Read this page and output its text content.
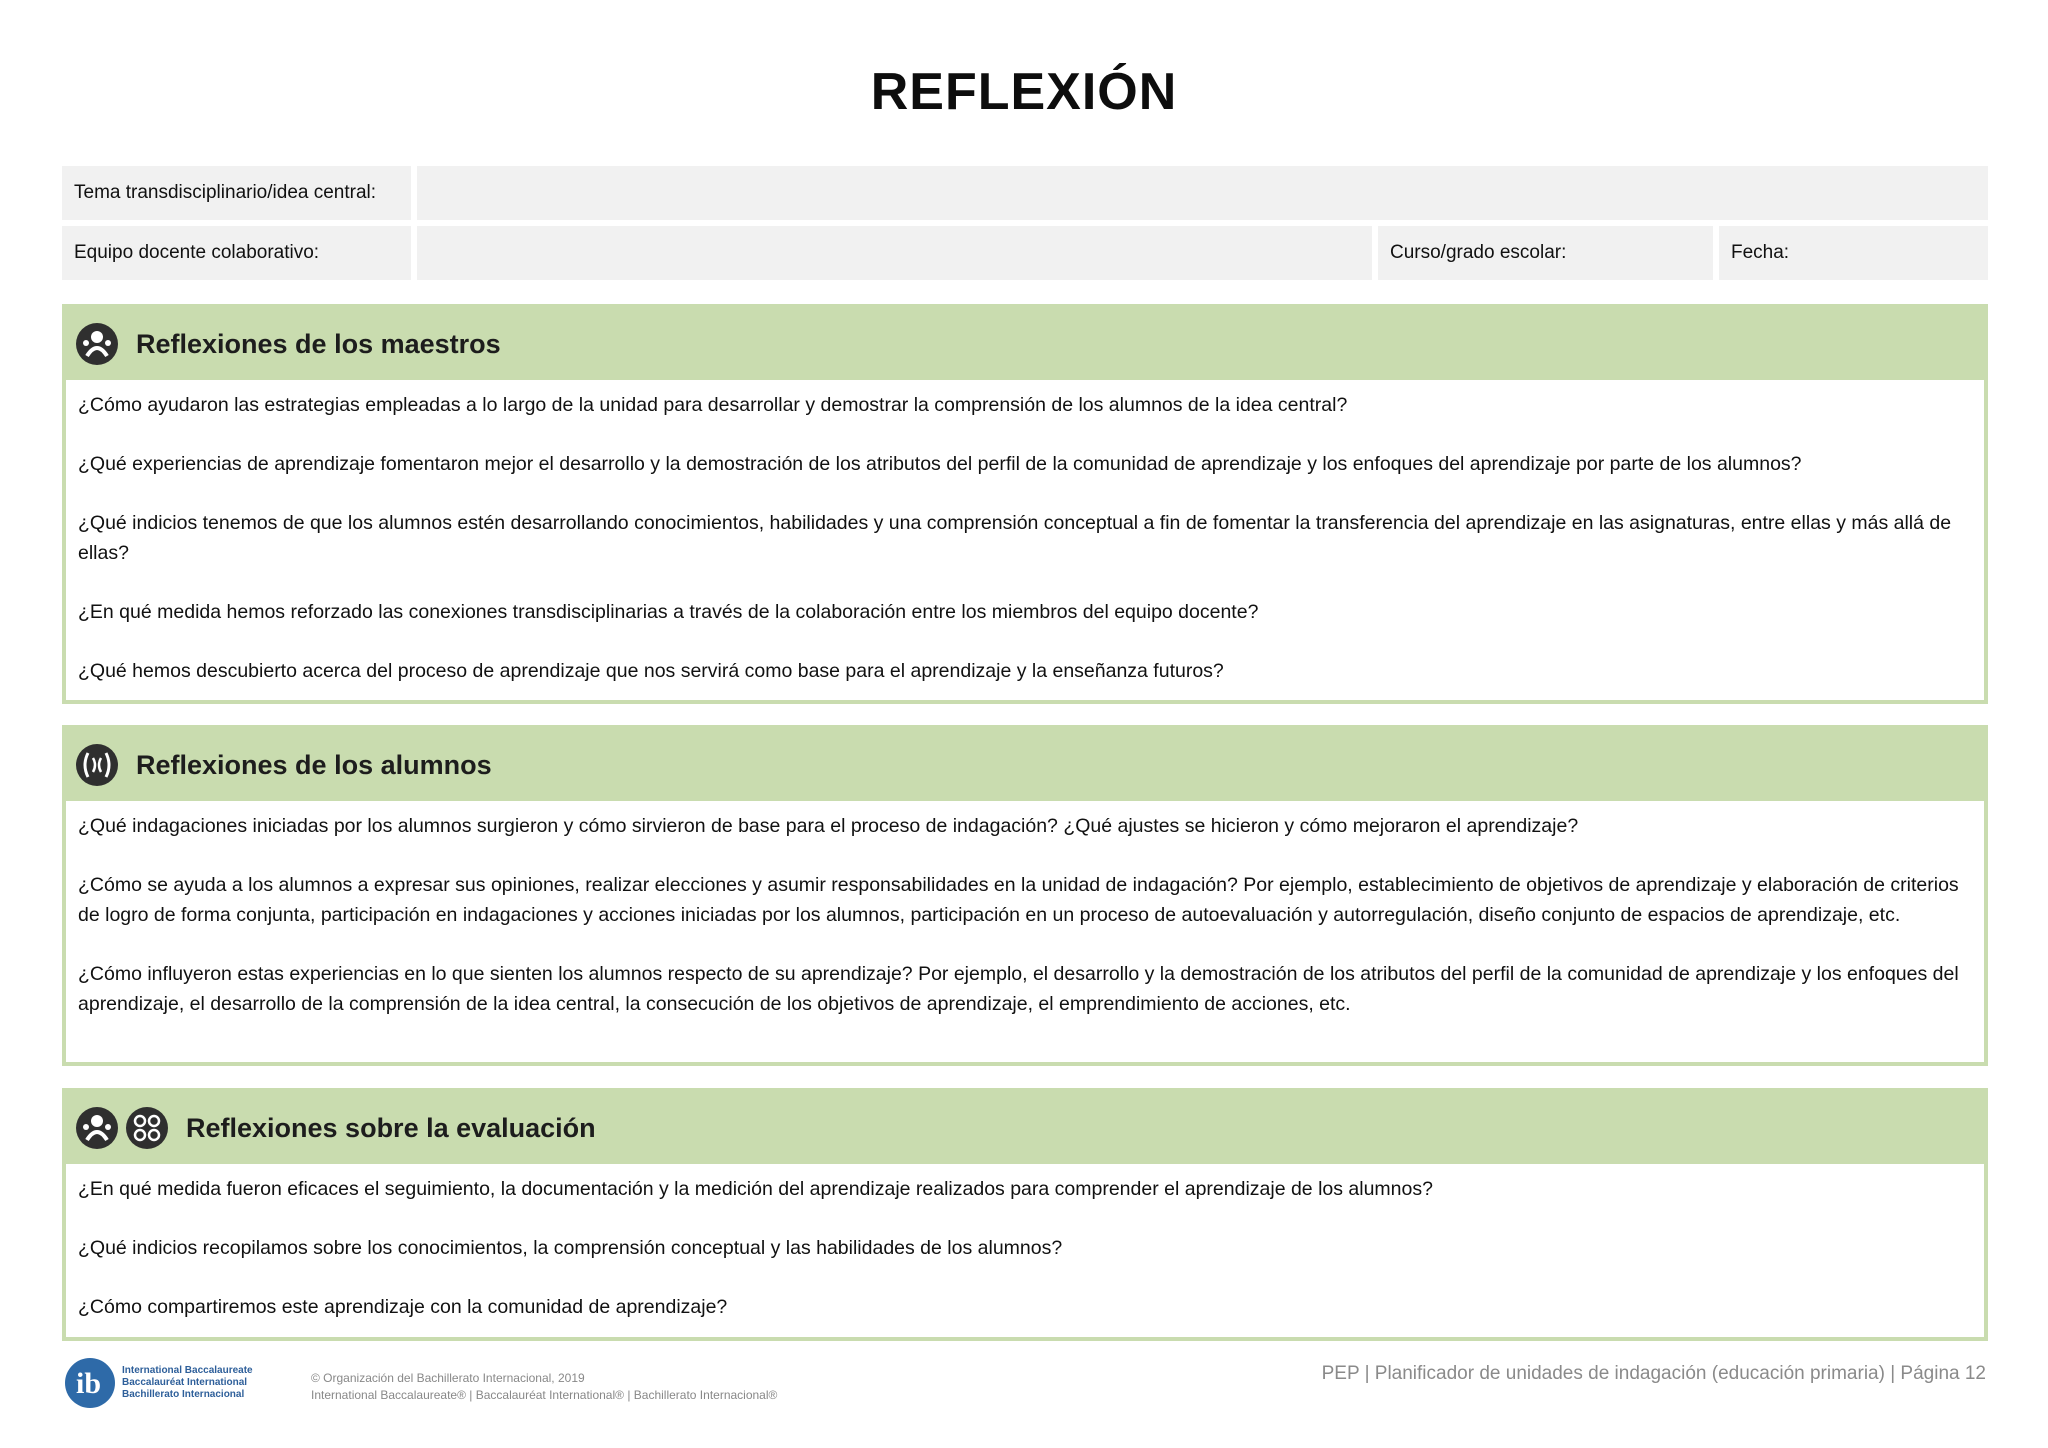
REFLEXIÓN
Tema transdisciplinario/idea central:
Equipo docente colaborativo:	Curso/grado escolar:	Fecha:
Reflexiones de los maestros

¿Cómo ayudaron las estrategias empleadas a lo largo de la unidad para desarrollar y demostrar la comprensión de los alumnos de la idea central?

¿Qué experiencias de aprendizaje fomentaron mejor el desarrollo y la demostración de los atributos del perfil de la comunidad de aprendizaje y los enfoques del aprendizaje por parte de los alumnos?

¿Qué indicios tenemos de que los alumnos estén desarrollando conocimientos, habilidades y una comprensión conceptual a fin de fomentar la transferencia del aprendizaje en las asignaturas, entre ellas y más allá de ellas?

¿En qué medida hemos reforzado las conexiones transdisciplinarias a través de la colaboración entre los miembros del equipo docente?

¿Qué hemos descubierto acerca del proceso de aprendizaje que nos servirá como base para el aprendizaje y la enseñanza futuros?

Reflexiones de los alumnos

¿Qué indagaciones iniciadas por los alumnos surgieron y cómo sirvieron de base para el proceso de indagación? ¿Qué ajustes se hicieron y cómo mejoraron el aprendizaje?

¿Cómo se ayuda a los alumnos a expresar sus opiniones, realizar elecciones y asumir responsabilidades en la unidad de indagación? Por ejemplo, establecimiento de objetivos de aprendizaje y elaboración de criterios de logro de forma conjunta, participación en indagaciones y acciones iniciadas por los alumnos, participación en un proceso de autoevaluación y autorregulación, diseño conjunto de espacios de aprendizaje, etc.

¿Cómo influyeron estas experiencias en lo que sienten los alumnos respecto de su aprendizaje? Por ejemplo, el desarrollo y la demostración de los atributos del perfil de la comunidad de aprendizaje y los enfoques del aprendizaje, el desarrollo de la comprensión de la idea central, la consecución de los objetivos de aprendizaje, el emprendimiento de acciones, etc.

Reflexiones sobre la evaluación

¿En qué medida fueron eficaces el seguimiento, la documentación y la medición del aprendizaje realizados para comprender el aprendizaje de los alumnos?

¿Qué indicios recopilamos sobre los conocimientos, la comprensión conceptual y las habilidades de los alumnos?

¿Cómo compartiremos este aprendizaje con la comunidad de aprendizaje?

ib International Baccalaureate
Baccalauréat International
Bachillerato Internacional
© Organización del Bachillerato Internacional, 2019
International Baccalaureate® | Baccalauréat International® | Bachillerato Internacional®
PEP | Planificador de unidades de indagación (educación primaria) | Página 12
